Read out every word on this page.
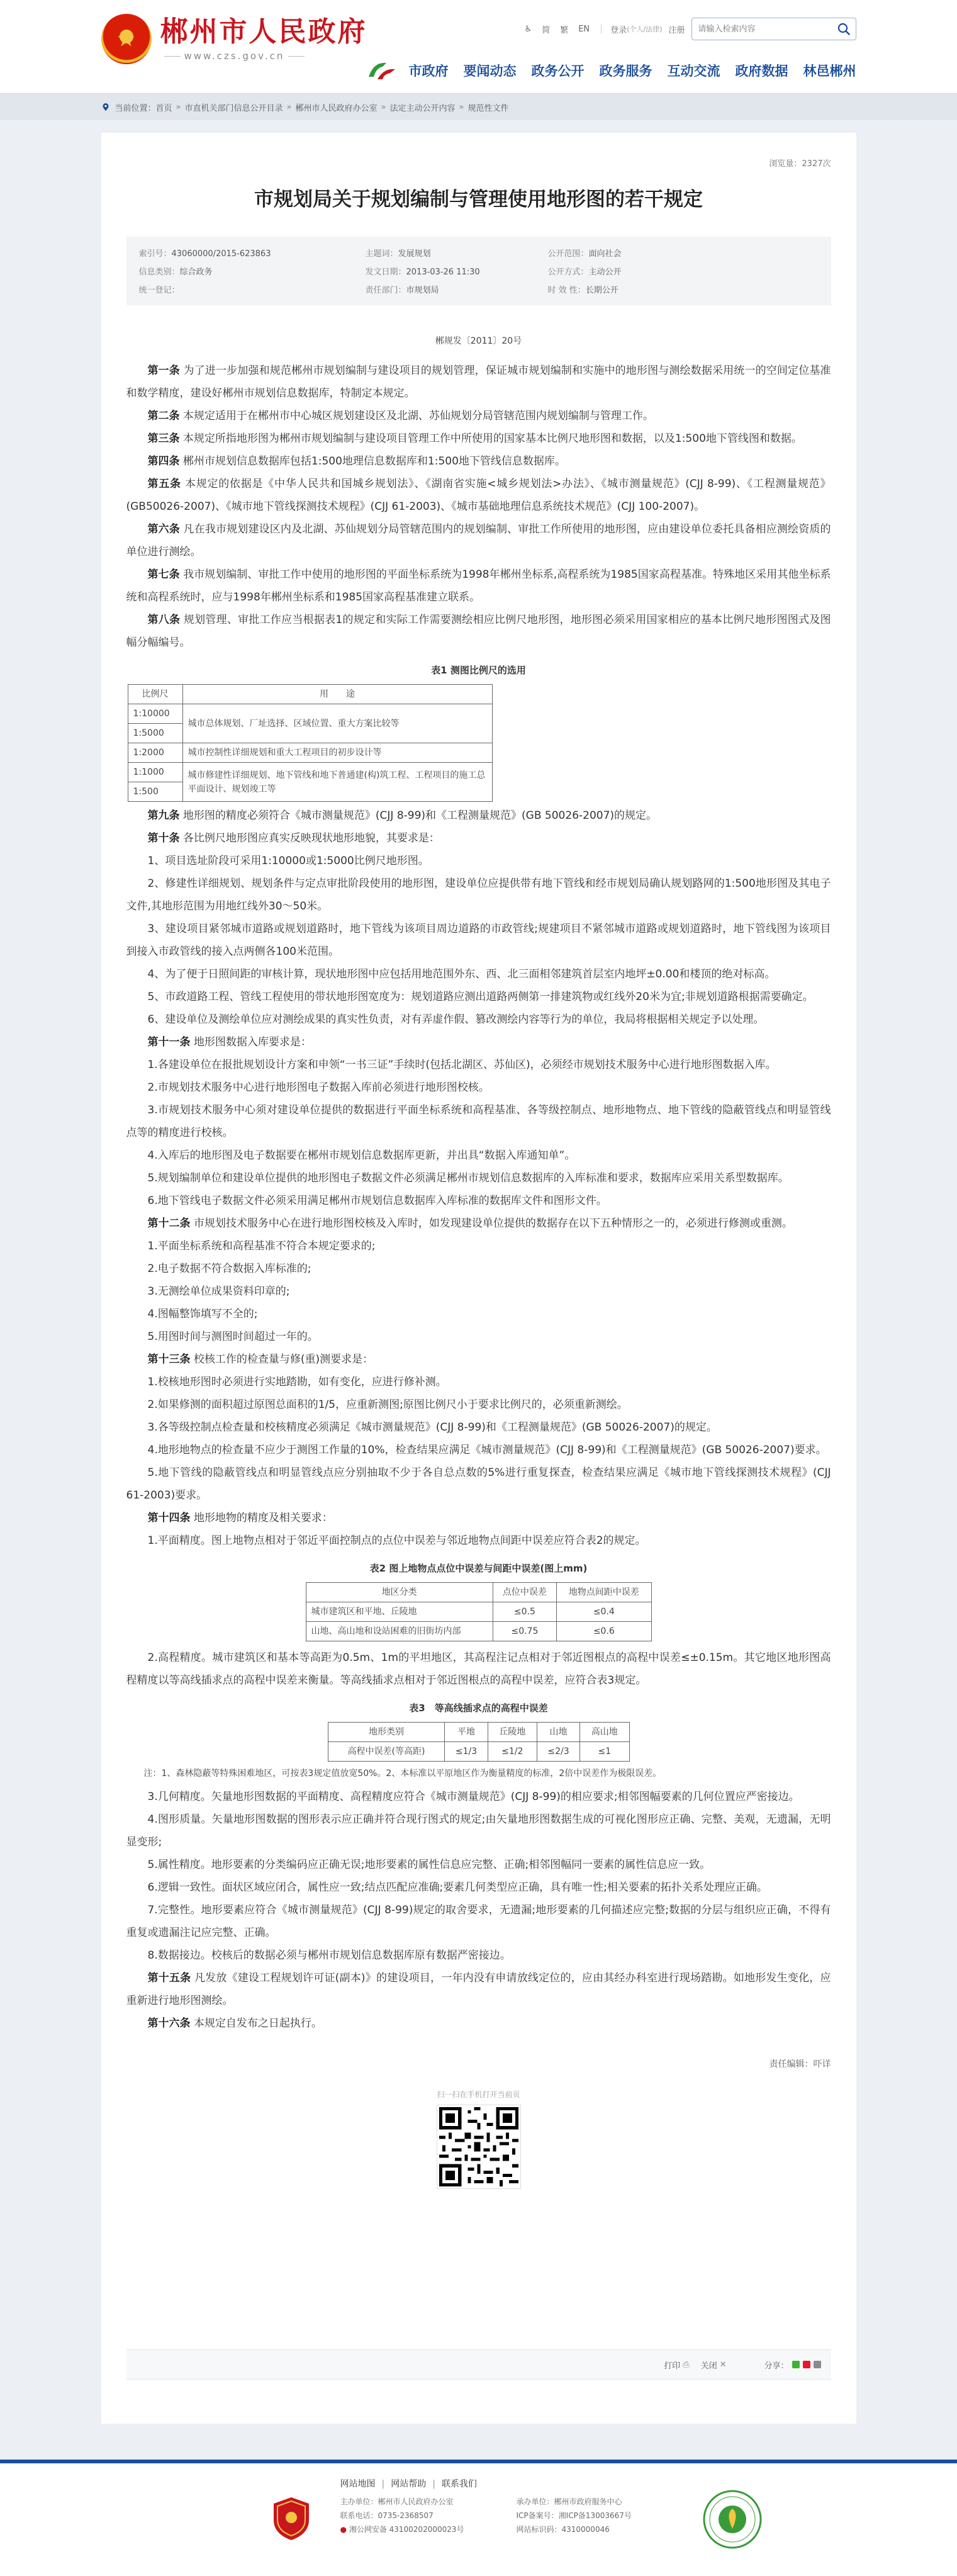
郴州市人民政府
www.czs.gov.cn
♿ 简 繁 EN	登录 (个人/法律) 注册
请输入检索内容
市政府 要闻动态 政务公开 政务服务 互动交流 政府数据 林邑郴州
当前位置： 首页 » 市直机关部门信息公开目录 » 郴州市人民政府办公室 » 法定主动公开内容 » 规范性文件
浏览量：2327次
市规划局关于规划编制与管理使用地形图的若干规定
索引号：43060000/2015-623863	主题词：发展规划	公开范围：面向社会
信息类别：综合政务	发文日期：2013-03-26 11:30	公开方式：主动公开
统一登记：	责任部门：市规划局	时 效 性：长期公开
郴规发〔2011〕20号

第一条 为了进一步加强和规范郴州市规划编制与建设项目的规划管理，保证城市规划编制和实施中的地形图与测绘数据采用统一的空间定位基准和数学精度，建设好郴州市规划信息数据库，特制定本规定。

第二条 本规定适用于在郴州市中心城区规划建设区及北湖、苏仙规划分局管辖范围内规划编制与管理工作。

第三条 本规定所指地形图为郴州市规划编制与建设项目管理工作中所使用的国家基本比例尺地形图和数据，以及1:500地下管线图和数据。

第四条 郴州市规划信息数据库包括1:500地理信息数据库和1:500地下管线信息数据库。

第五条 本规定的依据是《中华人民共和国城乡规划法》、《湖南省实施<城乡规划法>办法》、《城市测量规范》(CJJ 8-99)、《工程测量规范》(GB50026-2007)、《城市地下管线探测技术规程》(CJJ 61-2003)、《城市基础地理信息系统技术规范》(CJJ 100-2007)。

第六条 凡在我市规划建设区内及北湖、苏仙规划分局管辖范围内的规划编制、审批工作所使用的地形图，应由建设单位委托具备相应测绘资质的单位进行测绘。

第七条 我市规划编制、审批工作中使用的地形图的平面坐标系统为1998年郴州坐标系,高程系统为1985国家高程基准。特殊地区采用其他坐标系统和高程系统时，应与1998年郴州坐标系和1985国家高程基准建立联系。

第八条 规划管理、审批工作应当根据表1的规定和实际工作需要测绘相应比例尺地形图，地形图必须采用国家相应的基本比例尺地形图图式及图幅分幅编号。

表1 测图比例尺的选用
比例尺	用　　途
1:10000	城市总体规划、厂址选择、区域位置、重大方案比较等
1:5000	
1:2000	城市控制性详细规划和重大工程项目的初步设计等
1:1000	城市修建性详细规划、地下管线和地下普通建(构)筑工程、工程项目的施工总平面设计、规划竣工等
1:500	

第九条 地形图的精度必须符合《城市测量规范》(CJJ 8-99)和《工程测量规范》(GB 50026-2007)的规定。

第十条 各比例尺地形图应真实反映现状地形地貌，其要求是：

1、项目选址阶段可采用1:10000或1:5000比例尺地形图。

2、修建性详细规划、规划条件与定点审批阶段使用的地形图，建设单位应提供带有地下管线和经市规划局确认规划路网的1:500地形图及其电子文件,其地形范围为用地红线外30～50米。

3、建设项目紧邻城市道路或规划道路时，地下管线为该项目周边道路的市政管线;规建项目不紧邻城市道路或规划道路时，地下管线图为该项目到接入市政管线的接入点两侧各100米范围。

4、为了便于日照间距的审核计算，现状地形图中应包括用地范围外东、西、北三面相邻建筑首层室内地坪±0.00和楼顶的绝对标高。

5、市政道路工程、管线工程使用的带状地形图宽度为：规划道路应测出道路两侧第一排建筑物或红线外20米为宜;非规划道路根据需要确定。

6、建设单位及测绘单位应对测绘成果的真实性负责，对有弄虚作假、篡改测绘内容等行为的单位，我局将根据相关规定予以处理。

第十一条 地形图数据入库要求是：

1.各建设单位在报批规划设计方案和申领“一书三证”手续时(包括北湖区、苏仙区)，必须经市规划技术服务中心进行地形图数据入库。

2.市规划技术服务中心进行地形图电子数据入库前必须进行地形图校核。

3.市规划技术服务中心须对建设单位提供的数据进行平面坐标系统和高程基准、各等级控制点、地形地物点、地下管线的隐蔽管线点和明显管线点等的精度进行校核。

4.入库后的地形图及电子数据要在郴州市规划信息数据库更新，并出具“数据入库通知单”。

5.规划编制单位和建设单位提供的地形图电子数据文件必须满足郴州市规划信息数据库的入库标准和要求，数据库应采用关系型数据库。

6.地下管线电子数据文件必须采用满足郴州市规划信息数据库入库标准的数据库文件和图形文件。

第十二条 市规划技术服务中心在进行地形图校核及入库时，如发现建设单位提供的数据存在以下五种情形之一的，必须进行修测或重测。

1.平面坐标系统和高程基准不符合本规定要求的;

2.电子数据不符合数据入库标准的;

3.无测绘单位成果资料印章的;

4.图幅整饰填写不全的;

5.用图时间与测图时间超过一年的。

第十三条 校核工作的检查量与修(重)测要求是：

1.校核地形图时必须进行实地踏勘，如有变化，应进行修补测。

2.如果修测的面积超过原图总面积的1/5，应重新测图;原图比例尺小于要求比例尺的，必须重新测绘。

3.各等级控制点检查量和校核精度必须满足《城市测量规范》(CJJ 8-99)和《工程测量规范》(GB 50026-2007)的规定。

4.地形地物点的检查量不应少于测图工作量的10%，检查结果应满足《城市测量规范》(CJJ 8-99)和《工程测量规范》(GB 50026-2007)要求。

5.地下管线的隐蔽管线点和明显管线点应分别抽取不少于各自总点数的5%进行重复探查，检查结果应满足《城市地下管线探测技术规程》(CJJ 61-2003)要求。

第十四条 地形地物的精度及相关要求：

1.平面精度。图上地物点相对于邻近平面控制点的点位中误差与邻近地物点间距中误差应符合表2的规定。

表2 图上地物点点位中误差与间距中误差(图上mm)
地区分类	点位中误差	地物点间距中误差
城市建筑区和平地、丘陵地	≤0.5	≤0.4
山地、高山地和设站困难的旧街坊内部	≤0.75	≤0.6

2.高程精度。城市建筑区和基本等高距为0.5m、1m的平坦地区，其高程注记点相对于邻近图根点的高程中误差≤±0.15m。其它地区地形图高程精度以等高线插求点的高程中误差来衡量。等高线插求点相对于邻近图根点的高程中误差，应符合表3规定。

表3　等高线插求点的高程中误差
地形类别	平地	丘陵地	山地	高山地
高程中误差(等高距)	≤1/3	≤1/2	≤2/3	≤1
注：1、森林隐蔽等特殊困难地区，可按表3规定值放宽50%。2、本标准以平原地区作为衡量精度的标准，2倍中误差作为极限误差。

3.几何精度。矢量地形图数据的平面精度、高程精度应符合《城市测量规范》(CJJ 8-99)的相应要求;相邻图幅要素的几何位置应严密接边。

4.图形质量。矢量地形图数据的图形表示应正确并符合现行图式的规定;由矢量地形图数据生成的可视化图形应正确、完整、美观，无遗漏，无明显变形;

5.属性精度。地形要素的分类编码应正确无误;地形要素的属性信息应完整、正确;相邻图幅同一要素的属性信息应一致。

6.逻辑一致性。面状区域应闭合，属性应一致;结点匹配应准确;要素几何类型应正确，具有唯一性;相关要素的拓扑关系处理应正确。

7.完整性。地形要素应符合《城市测量规范》(CJJ 8-99)规定的取舍要求，无遗漏;地形要素的几何描述应完整;数据的分层与组织应正确，不得有重复或遗漏注记应完整、正确。

8.数据接边。校核后的数据必须与郴州市规划信息数据库原有数据严密接边。

第十五条 凡发放《建设工程规划许可证(副本)》的建设项目，一年内没有申请放线定位的，应由其经办科室进行现场踏勘。如地形发生变化，应重新进行地形图测绘。

第十六条 本规定自发布之日起执行。

责任编辑：吓详
扫一扫在手机打开当前页
打印 ⎙ 关闭 ✕	分享：
网站地图 | 网站帮助 | 联系我们
主办单位：郴州市人民政府办公室	承办单位：郴州市政府服务中心
联系电话：0735-2368507	ICP备案号：湘ICP备13003667号
● 湘公网安备 43100202000023号	网站标识码：4310000046
